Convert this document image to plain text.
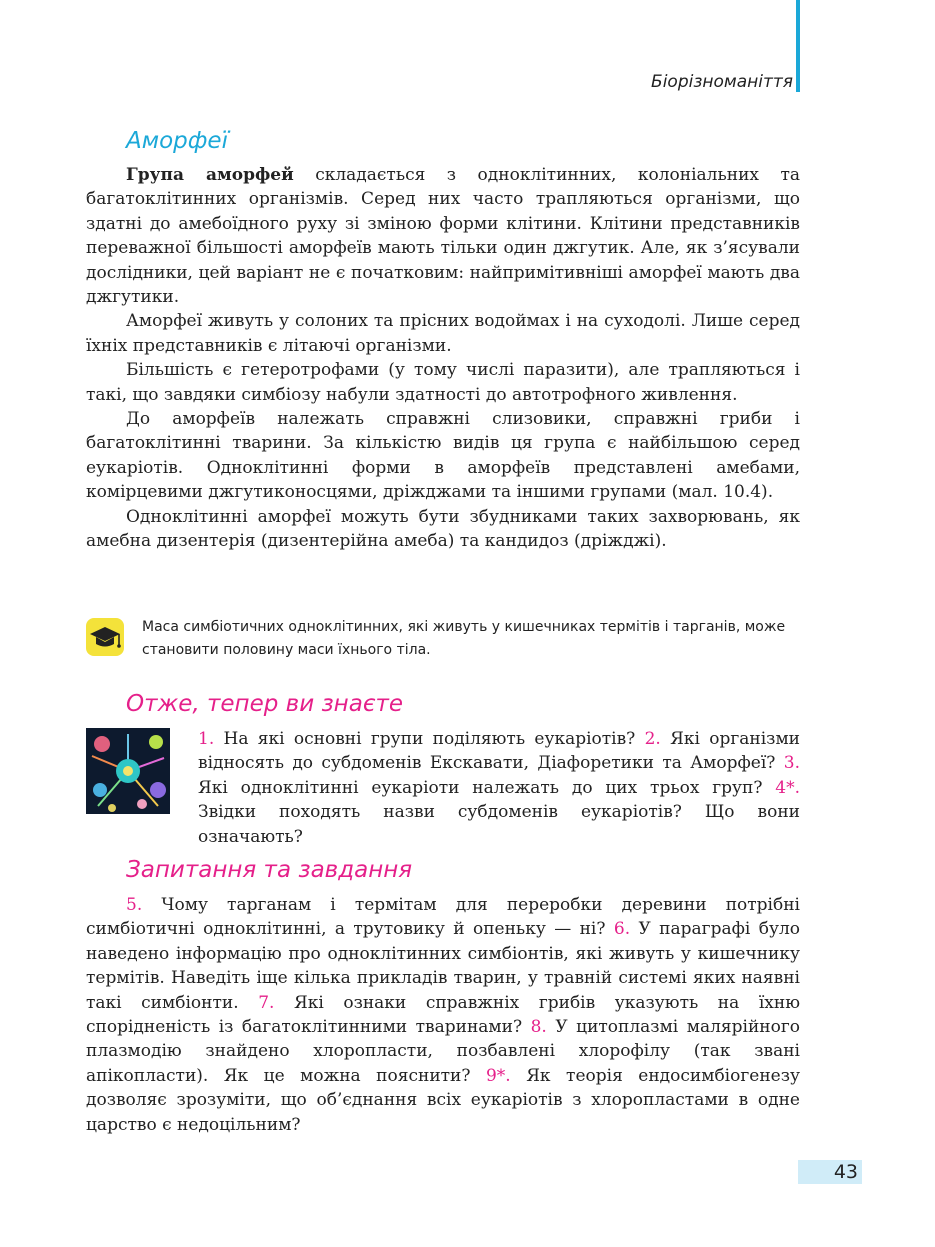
Біорізноманіття
Аморфеї

Група аморфей складається з одноклітинних, колоніальних та багатоклітинних організмів. Серед них часто трапляються організми, що здатні до амебоїдного руху зі зміною форми клітини. Клітини представників переважної більшості аморфеїв мають тільки один джгутик. Але, як з’ясували дослідники, цей варіант не є початковим: найпримітивніші аморфеї мають два джгутики.

Аморфеї живуть у солоних та прісних водоймах і на суходолі. Лише серед їхніх представників є літаючі організми.

Більшість є гетеротрофами (у тому числі паразити), але трапляються і такі, що завдяки симбіозу набули здатності до автотрофного живлення.

До аморфеїв належать справжні слизовики, справжні гриби і багатоклітинні тварини. За кількістю видів ця група є найбільшою серед еукаріотів. Одноклітинні форми в аморфеїв представлені амебами, комірцевими джгутиконосцями, дріжджами та іншими групами (мал. 10.4).

Одноклітинні аморфеї можуть бути збудниками таких захворювань, як амебна дизентерія (дизентерійна амеба) та кандидоз (дріжджі).

Маса симбіотичних одноклітинних, які живуть у кишечниках термітів і тарганів, може становити половину маси їхнього тіла.
Отже, тепер ви знаєте

1. На які основні групи поділяють еукаріотів? 2. Які організми відносять до субдоменів Екскавати, Діафоретики та Аморфеї? 3. Які одноклітинні еукаріоти належать до цих трьох груп? 4*. Звідки походять назви субдоменів еукаріотів? Що вони означають?

Запитання та завдання

5. Чому тарганам і термітам для переробки деревини потрібні симбіотичні одноклітинні, а трутовику й опеньку — ні? 6. У параграфі було наведено інформацію про одноклітинних симбіонтів, які живуть у кишечнику термітів. Наведіть іще кілька прикладів тварин, у травній системі яких наявні такі симбіонти. 7. Які ознаки справжніх грибів указують на їхню спорідненість із багатоклітинними тваринами? 8. У цитоплазмі малярійного плазмодію знайдено хлоропласти, позбавлені хлорофілу (так звані апікопласти). Як це можна пояснити? 9*. Як теорія ендосимбіогенезу дозволяє зрозуміти, що об’єднання всіх еукаріотів з хлоропластами в одне царство є недоцільним?

43
